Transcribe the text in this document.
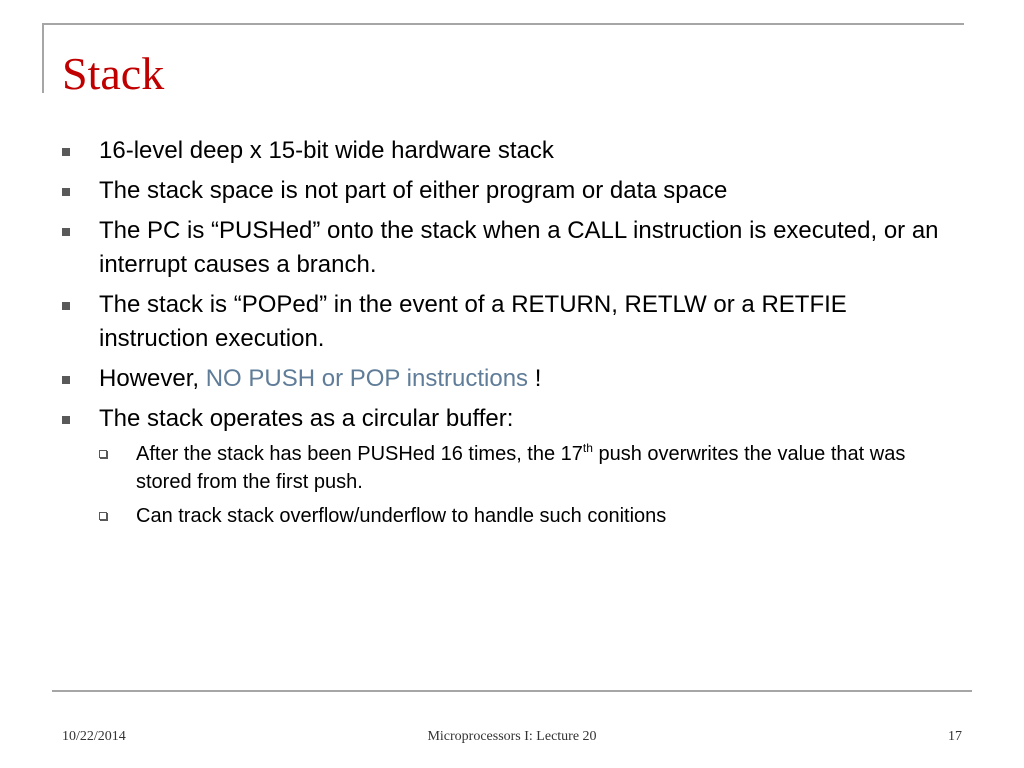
Stack
16-level deep x 15-bit wide hardware stack
The stack space is not part of either program or data space
The PC is “PUSHed” onto the stack when a CALL instruction is executed, or an interrupt causes a branch.
The stack is “POPed” in the event of a RETURN, RETLW or a RETFIE instruction execution.
However, NO PUSH or POP instructions !
The stack operates as a circular buffer:
After the stack has been PUSHed 16 times, the 17th push overwrites the value that was stored from the first push.
Can track stack overflow/underflow to handle such conitions
10/22/2014	Microprocessors I: Lecture 20	17
